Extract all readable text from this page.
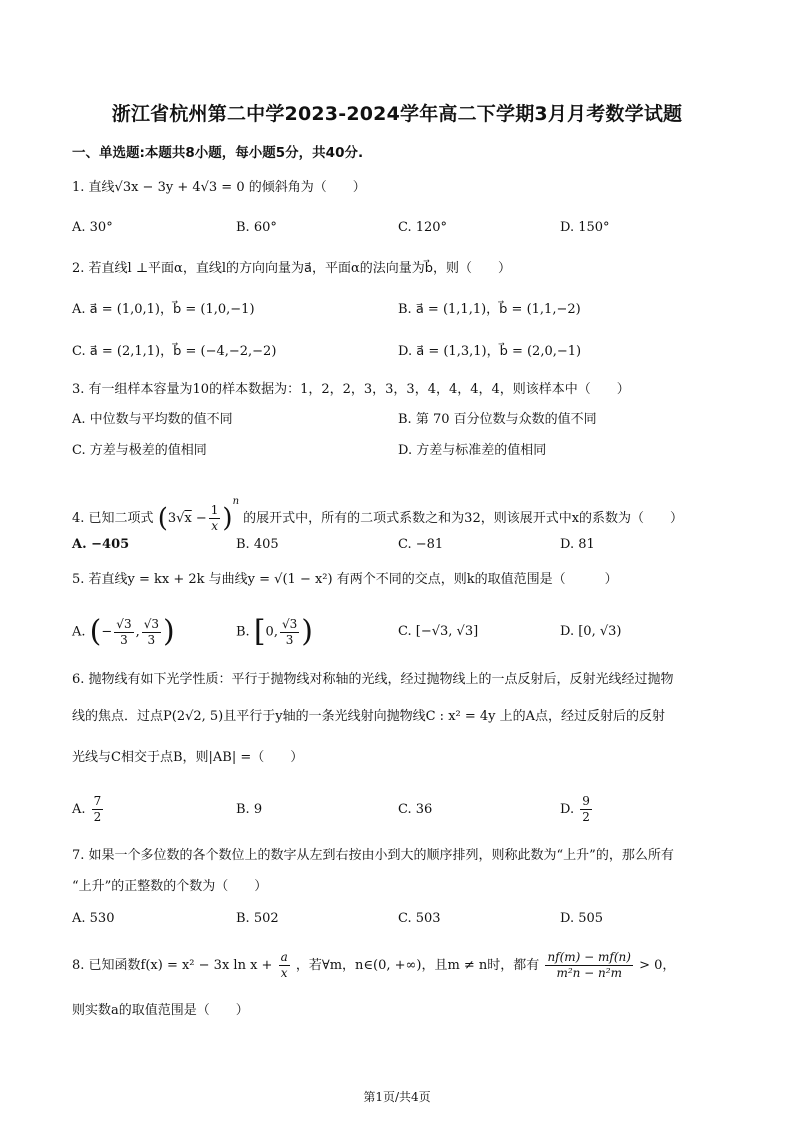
浙江省杭州第二中学2023-2024学年高二下学期3月月考数学试题
一、单选题:本题共8小题，每小题5分，共40分.
1. 直线√3x − 3y + 4√3 = 0 的倾斜角为（　　）
A. 30°	B. 60°	C. 120°	D. 150°
2. 若直线l ⊥平面α，直线l的方向向量为a⃗，平面α的法向量为b⃗，则（　　）
A. a⃗ = (1,0,1)，b⃗ = (1,0,−1)	B. a⃗ = (1,1,1)，b⃗ = (1,1,−2)
C. a⃗ = (2,1,1)，b⃗ = (−4,−2,−2)	D. a⃗ = (1,3,1)，b⃗ = (2,0,−1)
3. 有一组样本容量为10的样本数据为：1，2，2，3，3，3，4，4，4，4，则该样本中（　　）
A. 中位数与平均数的值不同	B. 第 70 百分位数与众数的值不同
C. 方差与极差的值相同	D. 方差与标准差的值相同
4. 已知二项式 $(3√x - \frac{1}{x} )^n$ 的展开式中，所有的二项式系数之和为32，则该展开式中x的系数为（　　）
A. −405	B. 405	C. −81	D. 81
5. 若直线y = kx + 2k 与曲线y = √(1 − x²) 有两个不同的交点，则k的取值范围是（　　　）
A. (− $\frac{√3}{3}$ , $\frac{√3}{3}$ )	B. [0, $\frac{√3}{3}$ )	C. [−√3, √3]	D. [0, √3)
6. 抛物线有如下光学性质：平行于抛物线对称轴的光线，经过抛物线上的一点反射后，反射光线经过抛物
线的焦点．过点P(2√2, 5)且平行于y轴的一条光线射向抛物线C : x² = 4y 上的A点，经过反射后的反射
光线与C相交于点B，则|AB| =（　　）
A. $\frac{7}{2}$	B. 9	C. 36	D. $\frac{9}{2}$
7. 如果一个多位数的各个数位上的数字从左到右按由小到大的顺序排列，则称此数为“上升”的，那么所有
“上升”的正整数的个数为（　　）
A. 530	B. 502	C. 503	D. 505
8. 已知函数f(x) = x² − 3x $\ln x + \frac{a}{x}$ ，若∀m，n∈(0, +∞)，且m ≠ n时，都有 $\frac{nf(m) - mf(n)}{\text{m²n − n²m}} > 0$，
则实数a的取值范围是（　　）
第1页/共4页
